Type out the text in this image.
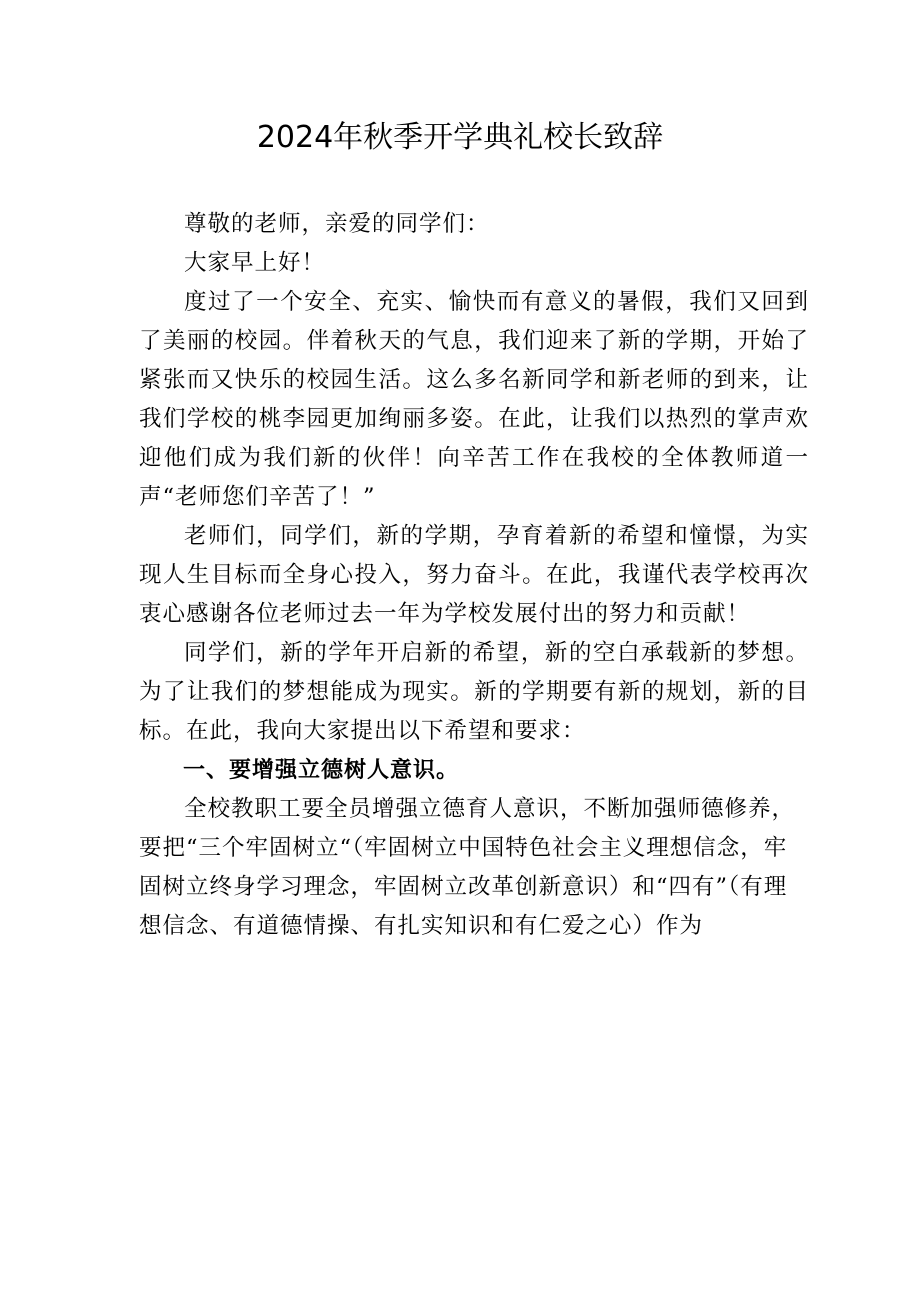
2024年秋季开学典礼校长致辞

尊敬的老师，亲爱的同学们：

大家早上好！

度过了一个安全、充实、愉快而有意义的暑假，我们又回到了美丽的校园。伴着秋天的气息，我们迎来了新的学期，开始了紧张而又快乐的校园生活。这么多名新同学和新老师的到来，让我们学校的桃李园更加绚丽多姿。在此，让我们以热烈的掌声欢迎他们成为我们新的伙伴！向辛苦工作在我校的全体教师道一声“老师您们辛苦了！”

老师们，同学们，新的学期，孕育着新的希望和憧憬，为实现人生目标而全身心投入，努力奋斗。在此，我谨代表学校再次衷心感谢各位老师过去一年为学校发展付出的努力和贡献！

同学们，新的学年开启新的希望，新的空白承载新的梦想。为了让我们的梦想能成为现实。新的学期要有新的规划，新的目标。在此，我向大家提出以下希望和要求：

一、要增强立德树人意识。

全校教职工要全员增强立德育人意识，不断加强师德修养，要把“三个牢固树立“（牢固树立中国特色社会主义理想信念，牢固树立终身学习理念，牢固树立改革创新意识）和“四有”（有理想信念、有道德情操、有扎实知识和有仁爱之心）作为
